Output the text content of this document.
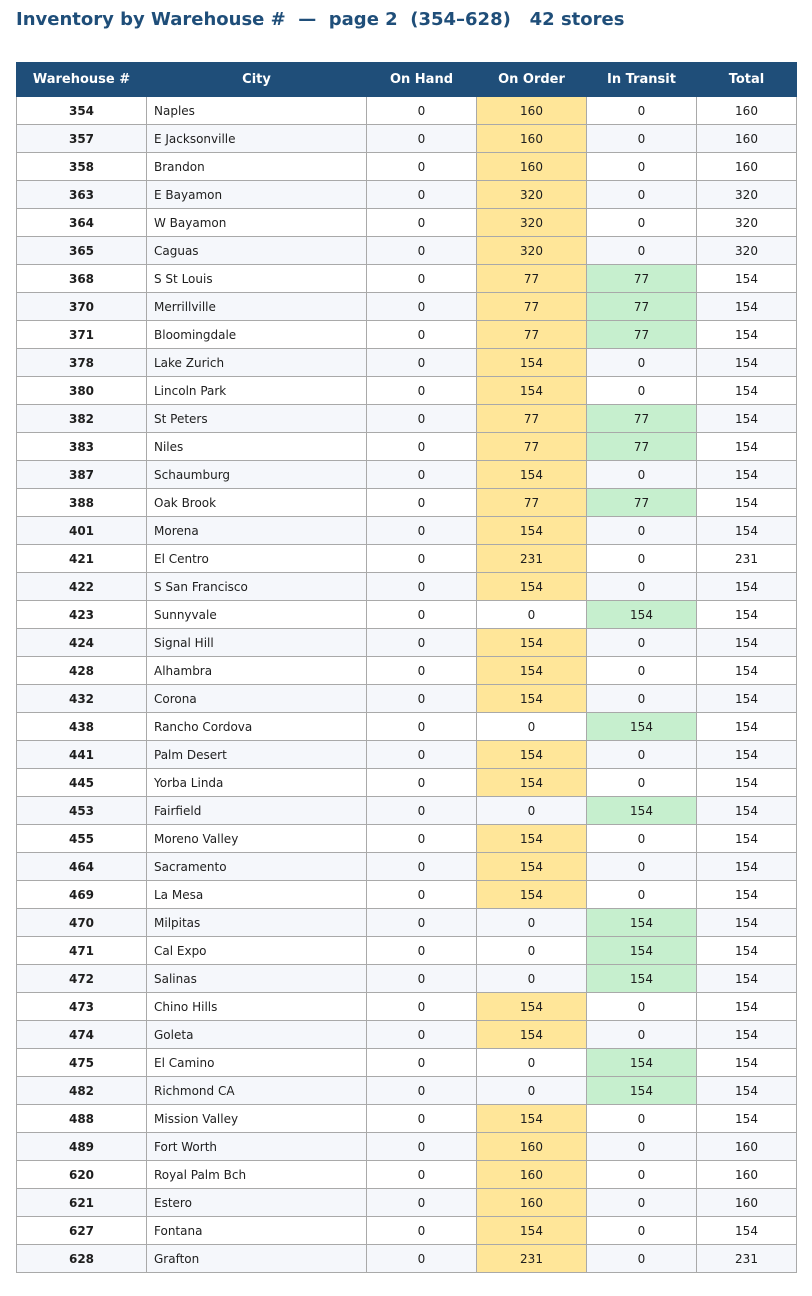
Inventory by Warehouse #  —  page 2  (354–628)   42 stores
Warehouse #	City	On Hand	On Order	In Transit	Total
354	Naples	0	160	0	160
357	E Jacksonville	0	160	0	160
358	Brandon	0	160	0	160
363	E Bayamon	0	320	0	320
364	W Bayamon	0	320	0	320
365	Caguas	0	320	0	320
368	S St Louis	0	77	77	154
370	Merrillville	0	77	77	154
371	Bloomingdale	0	77	77	154
378	Lake Zurich	0	154	0	154
380	Lincoln Park	0	154	0	154
382	St Peters	0	77	77	154
383	Niles	0	77	77	154
387	Schaumburg	0	154	0	154
388	Oak Brook	0	77	77	154
401	Morena	0	154	0	154
421	El Centro	0	231	0	231
422	S San Francisco	0	154	0	154
423	Sunnyvale	0	0	154	154
424	Signal Hill	0	154	0	154
428	Alhambra	0	154	0	154
432	Corona	0	154	0	154
438	Rancho Cordova	0	0	154	154
441	Palm Desert	0	154	0	154
445	Yorba Linda	0	154	0	154
453	Fairfield	0	0	154	154
455	Moreno Valley	0	154	0	154
464	Sacramento	0	154	0	154
469	La Mesa	0	154	0	154
470	Milpitas	0	0	154	154
471	Cal Expo	0	0	154	154
472	Salinas	0	0	154	154
473	Chino Hills	0	154	0	154
474	Goleta	0	154	0	154
475	El Camino	0	0	154	154
482	Richmond CA	0	0	154	154
488	Mission Valley	0	154	0	154
489	Fort Worth	0	160	0	160
620	Royal Palm Bch	0	160	0	160
621	Estero	0	160	0	160
627	Fontana	0	154	0	154
628	Grafton	0	231	0	231
